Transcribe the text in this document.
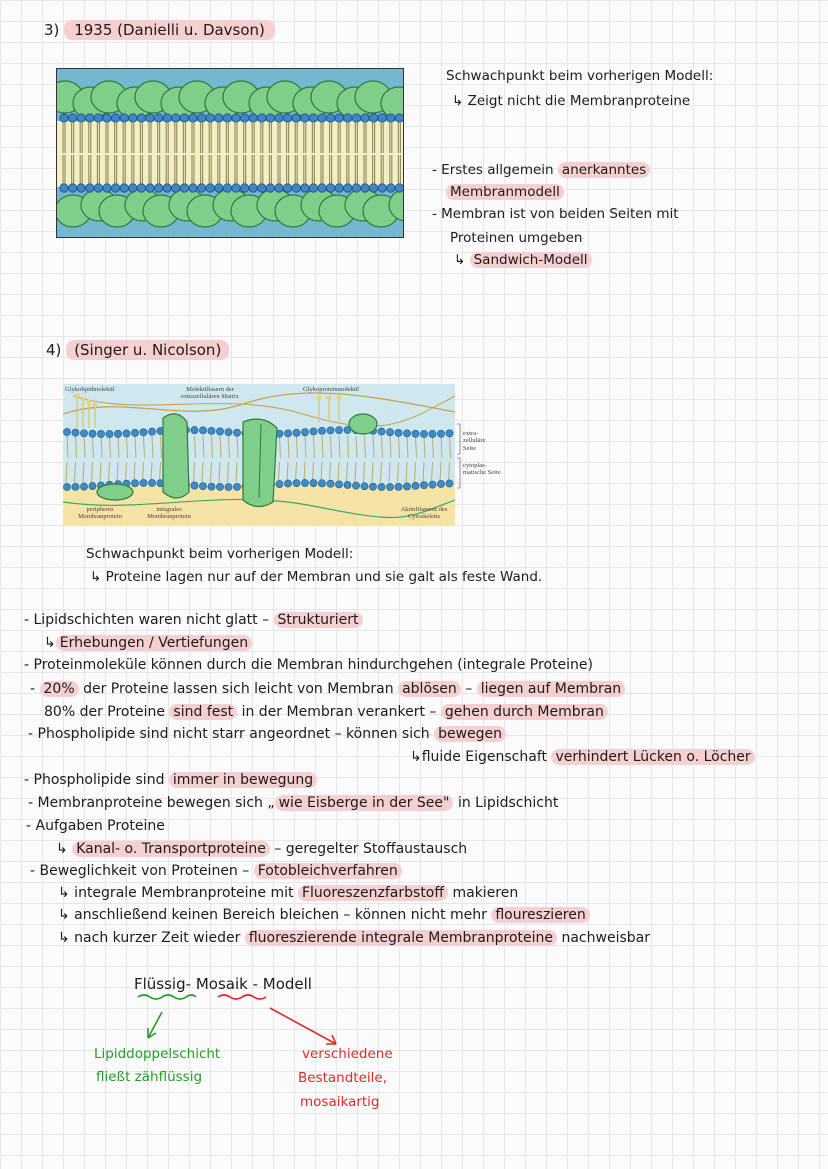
3) 1935 (Danielli u. Davson)
Schwachpunkt beim vorherigen Modell:
↳ Zeigt nicht die Membranproteine
- Erstes allgemein anerkanntes
Membranmodell
- Membran ist von beiden Seiten mit
Proteinen umgeben
↳ Sandwich-Modell
4) (Singer u. Nicolson)
Glykolipidmolekül	Molekülfasern der extrazellulären Matrix
Glykoproteinmolekül
extra-zelluläre Seite
cytoplas-matische Seite
peripheres Membranprotein
integrales Membranprotein
Aktinfilament des Cytoskeletts
Schwachpunkt beim vorherigen Modell:
↳ Proteine lagen nur auf der Membran und sie galt als feste Wand.
- Lipidschichten waren nicht glatt – Strukturiert
↳ Erhebungen / Vertiefungen
- Proteinmoleküle können durch die Membran hindurchgehen (integrale Proteine)
- 20% der Proteine lassen sich leicht von Membran ablösen – liegen auf Membran
80% der Proteine sind fest in der Membran verankert – gehen durch Membran
- Phospholipide sind nicht starr angeordnet – können sich bewegen
↳fluide Eigenschaft verhindert Lücken o. Löcher
- Phospholipide sind immer in bewegung
- Membranproteine bewegen sich „ wie Eisberge in der See" in Lipidschicht
- Aufgaben Proteine
↳ Kanal- o. Transportproteine – geregelter Stoffaustausch
- Beweglichkeit von Proteinen – Fotobleichverfahren
↳ integrale Membranproteine mit Fluoreszenzfarbstoff makieren
↳ anschließend keinen Bereich bleichen – können nicht mehr floureszieren
↳ nach kurzer Zeit wieder fluoreszierende integrale Membranproteine nachweisbar
Flüssig- Mosaik - Modell
Lipiddoppelschicht
fließt zähflüssig
verschiedene
Bestandteile,
mosaikartig
